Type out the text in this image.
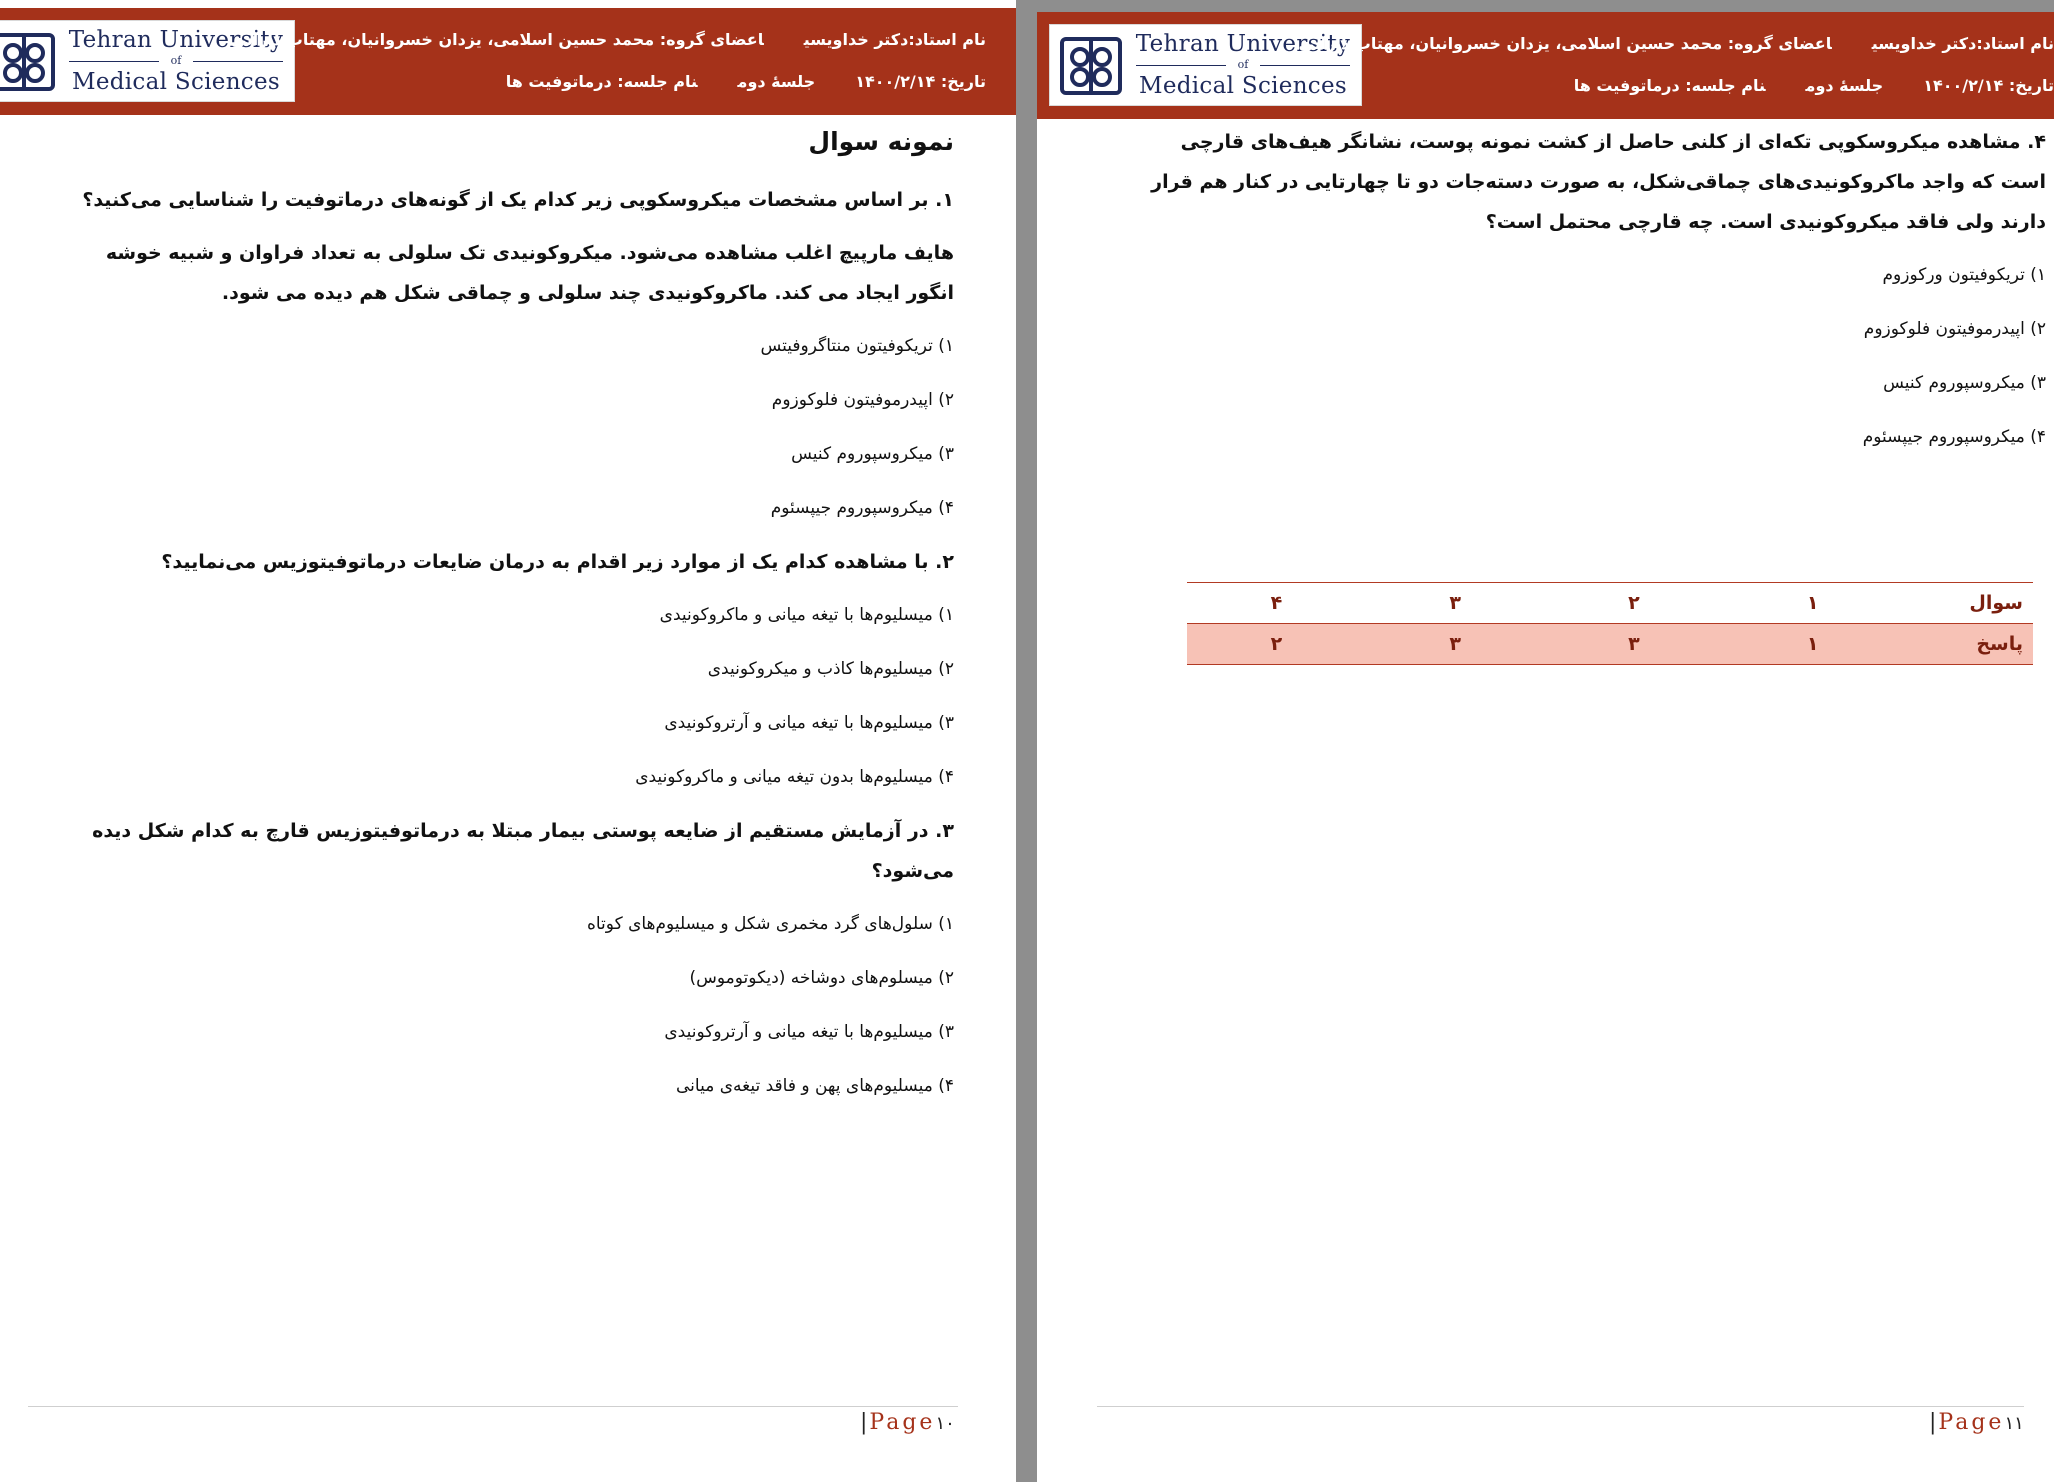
Tehran University
of
Medical Sciences
نام استاد:دکتر خداویسیاعضای گروه: محمد حسین اسلامی، یزدان خسروانیان، مهتاب دارابی
تاریخ: ۱۴۰۰/۲/۱۴جلسهٔ دومنام جلسه: درماتوفیت ها
نمونه سوال
۱. بر اساس مشخصات میکروسکوپی زیر کدام یک از گونه‌های درماتوفیت را شناسایی می‌کنید؟
هایف مارپیچ اغلب مشاهده می‌شود. میکروکونیدی تک سلولی به تعداد فراوان و شبیه خوشه انگور ایجاد می کند. ماکروکونیدی چند سلولی و چماقی شکل هم دیده می شود.
۱) تریکوفیتون منتاگروفیتس
۲) اپیدرموفیتون فلوکوزوم
۳) میکروسپوروم کنیس
۴) میکروسپوروم جیپسئوم
۲. با مشاهده کدام یک از موارد زیر اقدام به درمان ضایعات درماتوفیتوزیس می‌نمایید؟
۱) میسلیوم‌ها با تیغه میانی و ماکروکونیدی
۲) میسلیوم‌ها کاذب و میکروکونیدی
۳) میسلیوم‌ها با تیغه میانی و آرتروکونیدی
۴) میسلیوم‌ها بدون تیغه میانی و ماکروکونیدی
۳. در آزمایش مستقیم از ضایعه پوستی بیمار مبتلا به درماتوفیتوزیس قارچ به کدام شکل دیده می‌شود؟
۱) سلول‌های گرد مخمری شکل و میسلیوم‌های کوتاه
۲) میسلوم‌های دوشاخه (دیکوتوموس)
۳) میسلیوم‌ها با تیغه میانی و آرتروکونیدی
۴) میسلیوم‌های پهن و فاقد تیغه‌ی میانی
|Page۱۰
Tehran University
of
Medical Sciences
نام استاد:دکتر خداویسیاعضای گروه: محمد حسین اسلامی، یزدان خسروانیان، مهتاب دارابی
تاریخ: ۱۴۰۰/۲/۱۴جلسهٔ دومنام جلسه: درماتوفیت ها
۴. مشاهده میکروسکوپی تکه‌ای از کلنی حاصل از کشت نمونه پوست، نشانگر هیف‌های قارچی است که واجد ماکروکونیدی‌های چماقی‌شکل، به صورت دسته‌جات دو تا چهارتایی در کنار هم قرار دارند ولی فاقد میکروکونیدی است. چه قارچی محتمل است؟
۱) تریکوفیتون ورکوزوم
۲) اپیدرموفیتون فلوکوزوم
۳) میکروسپوروم کنیس
۴) میکروسپوروم جیپسئوم
سوال	۱	۲	۳	۴
پاسخ	۱	۳	۳	۲
|Page۱۱
